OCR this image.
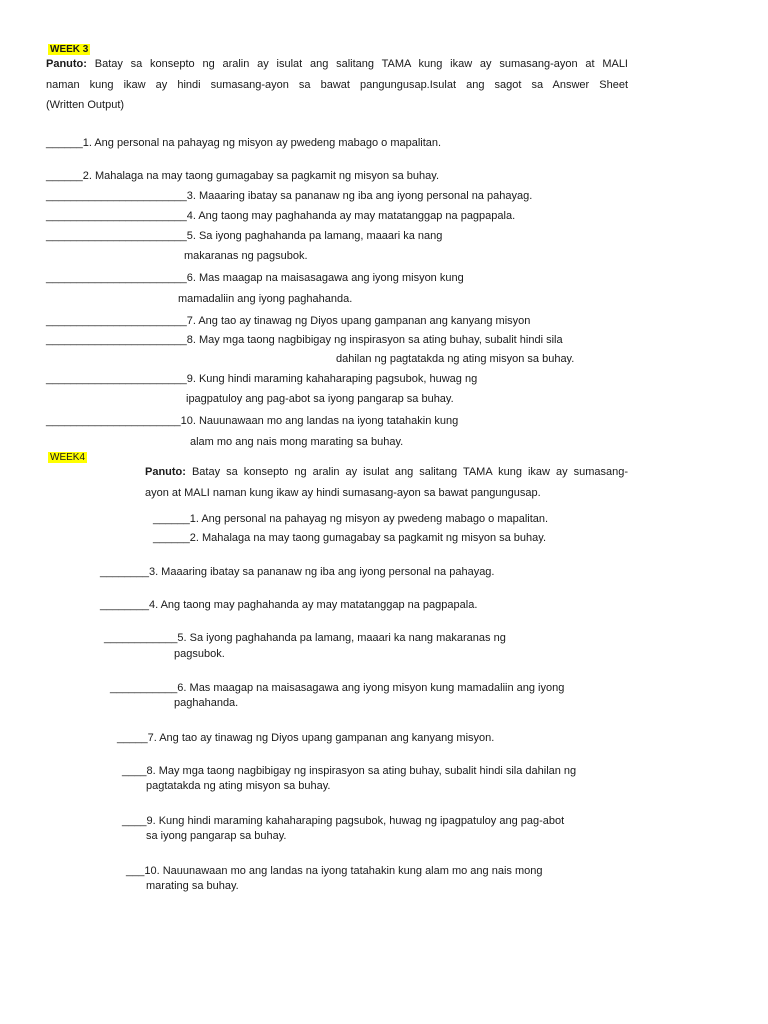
WEEK 3
Panuto: Batay sa konsepto ng aralin ay isulat ang salitang TAMA kung ikaw ay sumasang-ayon at MALI
naman kung ikaw ay hindi sumasang-ayon sa bawat pangungusap.Isulat ang sagot sa Answer Sheet
(Written Output)
______1. Ang personal na pahayag ng misyon ay pwedeng mabago o mapalitan.
______2. Mahalaga na may taong gumagabay sa pagkamit ng misyon sa buhay.
_______________________3. Maaaring ibatay sa pananaw ng iba ang iyong personal na pahayag.
_______________________4. Ang taong may paghahanda ay may matatanggap na pagpapala.
_______________________5. Sa iyong paghahanda pa lamang, maaari ka nang
makaranas ng pagsubok.
_______________________6. Mas maagap na maisasagawa ang iyong misyon kung
mamadaliin ang iyong paghahanda.
_______________________7. Ang tao ay tinawag ng Diyos upang gampanan ang kanyang misyon
_______________________8. May mga taong nagbibigay ng inspirasyon sa ating buhay, subalit hindi sila
dahilan ng pagtatakda ng ating misyon sa buhay.
_______________________9. Kung hindi maraming kahaharaping pagsubok, huwag ng
ipagpatuloy ang pag-abot sa iyong pangarap sa buhay.
______________________10. Nauunawaan mo ang landas na iyong tatahakin kung
alam mo ang nais mong marating sa buhay.
WEEK4
Panuto: Batay sa konsepto ng aralin ay isulat ang salitang TAMA kung ikaw ay sumasang-
ayon at MALI naman kung ikaw ay hindi sumasang-ayon sa bawat pangungusap.
______1. Ang personal na pahayag ng misyon ay pwedeng mabago o mapalitan.
______2. Mahalaga na may taong gumagabay sa pagkamit ng misyon sa buhay.
________3. Maaaring ibatay sa pananaw ng iba ang iyong personal na pahayag.
________4. Ang taong may paghahanda ay may matatanggap na pagpapala.
____________5. Sa iyong paghahanda pa lamang, maaari ka nang makaranas ng
pagsubok.
___________6. Mas maagap na maisasagawa ang iyong misyon kung mamadaliin ang iyong
paghahanda.
_____7. Ang tao ay tinawag ng Diyos upang gampanan ang kanyang misyon.
____8. May mga taong nagbibigay ng inspirasyon sa ating buhay, subalit hindi sila dahilan ng
pagtatakda ng ating misyon sa buhay.
____9. Kung hindi maraming kahaharaping pagsubok, huwag ng ipagpatuloy ang pag-abot
sa iyong pangarap sa buhay.
___10. Nauunawaan mo ang landas na iyong tatahakin kung alam mo ang nais mong
marating sa buhay.
